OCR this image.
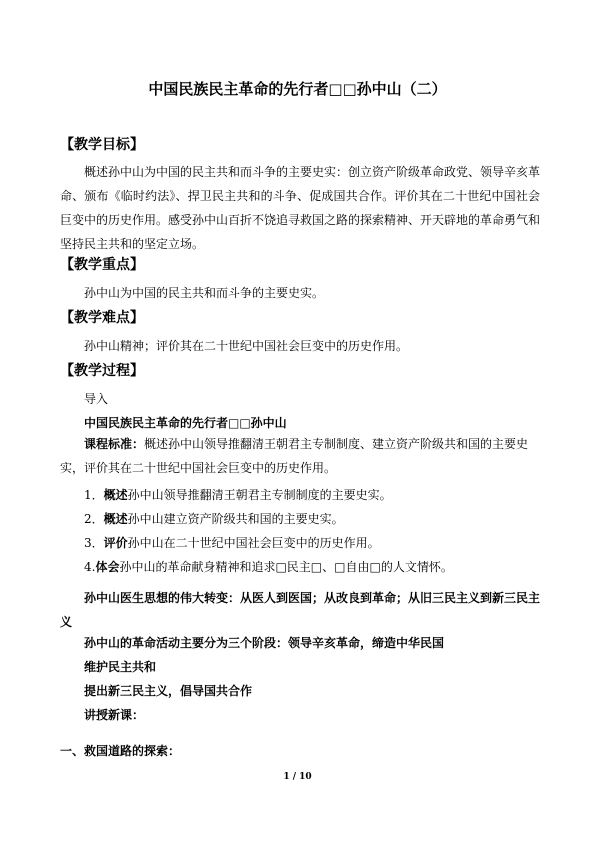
中国民族民主革命的先行者□□孙中山（二）
【教学目标】

概述孙中山为中国的民主共和而斗争的主要史实：创立资产阶级革命政党、领导辛亥革命、颁布《临时约法》、捍卫民主共和的斗争、促成国共合作。评价其在二十世纪中国社会巨变中的历史作用。感受孙中山百折不饶追寻救国之路的探索精神、开天辟地的革命勇气和坚持民主共和的坚定立场。

【教学重点】

孙中山为中国的民主共和而斗争的主要史实。

【教学难点】

孙中山精神；评价其在二十世纪中国社会巨变中的历史作用。

【教学过程】
导入
中国民族民主革命的先行者□□孙中山

课程标准：概述孙中山领导推翻清王朝君主专制制度、建立资产阶级共和国的主要史实，评价其在二十世纪中国社会巨变中的历史作用。

1．概述孙中山领导推翻清王朝君主专制制度的主要史实。
2．概述孙中山建立资产阶级共和国的主要史实。
3．评价孙中山在二十世纪中国社会巨变中的历史作用。
4.体会孙中山的革命献身精神和追求□民主□、□自由□的人文情怀。

孙中山医生思想的伟大转变：从医人到医国；从改良到革命；从旧三民主义到新三民主义

孙中山的革命活动主要分为三个阶段：领导辛亥革命，缔造中华民国
维护民主共和
提出新三民主义，倡导国共合作
讲授新课：
一、救国道路的探索：
1 / 10
